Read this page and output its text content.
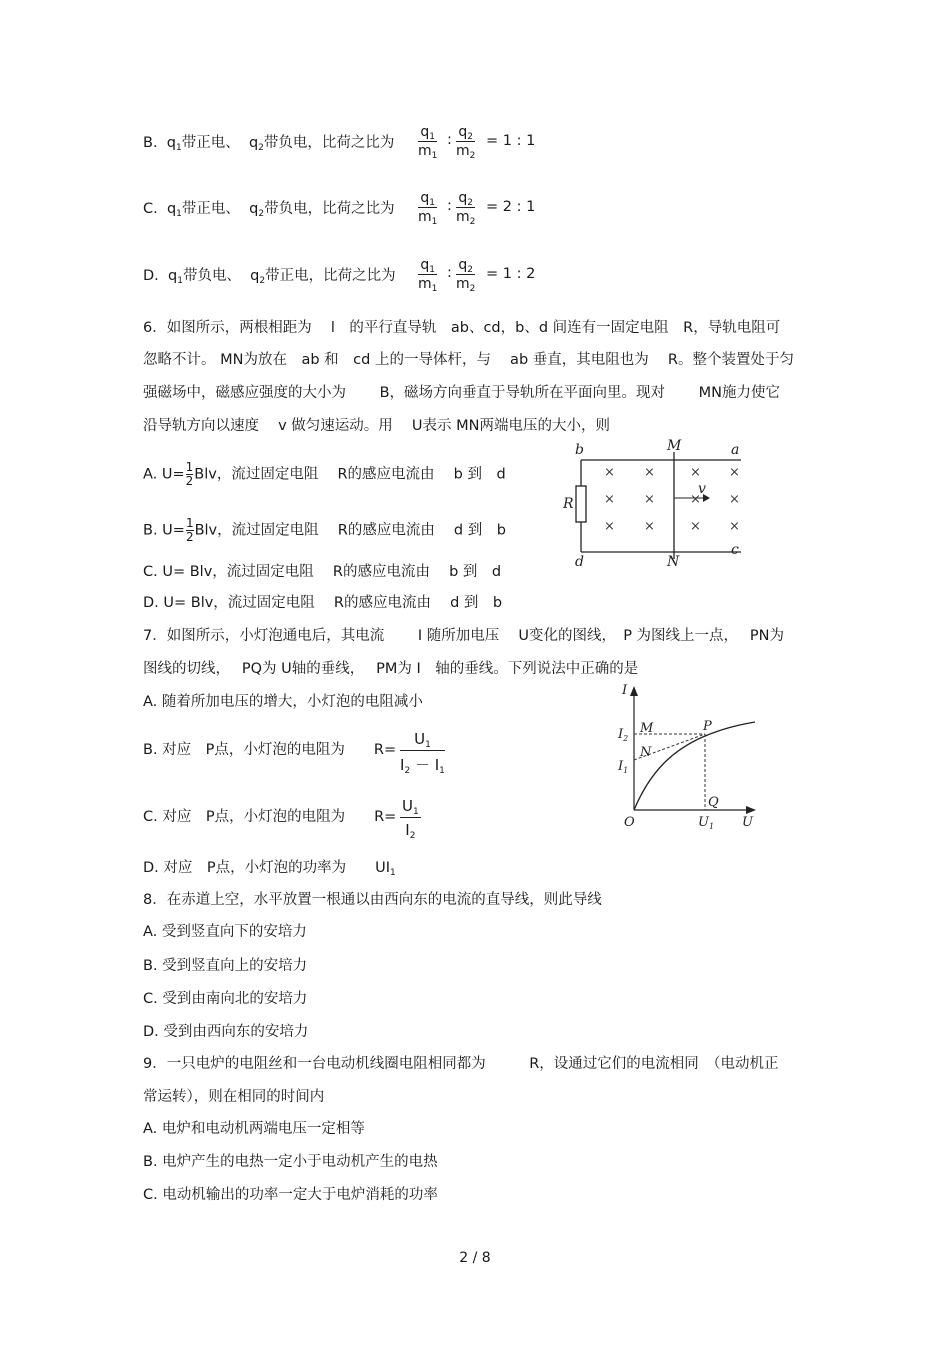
B. $q_1$带正电、 $q_2$带负电，比荷之比为 $\frac{q_1}{m_1}$ : $\frac{q_2}{m_2} = 1$ : 1
C. $q_1$带正电、 $q_2$带负电，比荷之比为 $\frac{q_1}{m_1}$ : $\frac{q_2}{m_2} = 2$ : 1
D. $q_1$带负电、 $q_2$带正电，比荷之比为 $\frac{q_1}{m_1}$ : $\frac{q_2}{m_2} = 1$ : 2
6．如图所示，两根相距为　 l　的平行直导轨　ab、cd，b、d 间连有一固定电阻　R，导轨电阻可
忽略不计。 MN为放在　ab 和　cd 上的一导体杆，与　 ab 垂直，其电阻也为　 R。整个装置处于匀
强磁场中，磁感应强度的大小为　　 B，磁场方向垂直于导轨所在平面向里。现对　　 MN施力使它
沿导轨方向以速度　 v 做匀速运动。用　 U表示 MN两端电压的大小，则
A. $U= \frac{1}{2}$ Blv，流过固定电阻　 R的感应电流由　 b 到　d
B. $U= \frac{1}{2}$ Blv，流过固定电阻　 R的感应电流由　 d 到　b
C. U= Blv，流过固定电阻　 R的感应电流由　 b 到　d
D. U= Blv，流过固定电阻　 R的感应电流由　 d 到　b
× ×	× ×
× ×	× ×
× ×	× ×
b	M	a
R
v
d	N
c
7．如图所示，小灯泡通电后，其电流　　 I 随所加电压　 U变化的图线，　P 为图线上一点，　 PN为
图线的切线，　 PQ为 U轴的垂线，　 PM为 I　轴的垂线。下列说法中正确的是
A. 随着所加电压的增大，小灯泡的电阻减小
B. 对应　P点，小灯泡的电阻为　　$R= \frac{U_1}{I_2 - I_1}$
C. 对应　P点，小灯泡的电阻为　　$R= \frac{U_1}{I_2}$
D. 对应　P点，小灯泡的功率为　　$UI_1$
I
$I_2$
M	P
N
$I_1$
Q
O	$U_1$ U
8．在赤道上空，水平放置一根通以由西向东的电流的直导线，则此导线
A. 受到竖直向下的安培力
B. 受到竖直向上的安培力
C. 受到由南向北的安培力
D. 受到由西向东的安培力
9．一只电炉的电阻丝和一台电动机线圈电阻相同都为　　　R，设通过它们的电流相同　（电动机正
常运转），则在相同的时间内
A. 电炉和电动机两端电压一定相等
B. 电炉产生的电热一定小于电动机产生的电热
C. 电动机输出的功率一定大于电炉消耗的功率
2 / 8
